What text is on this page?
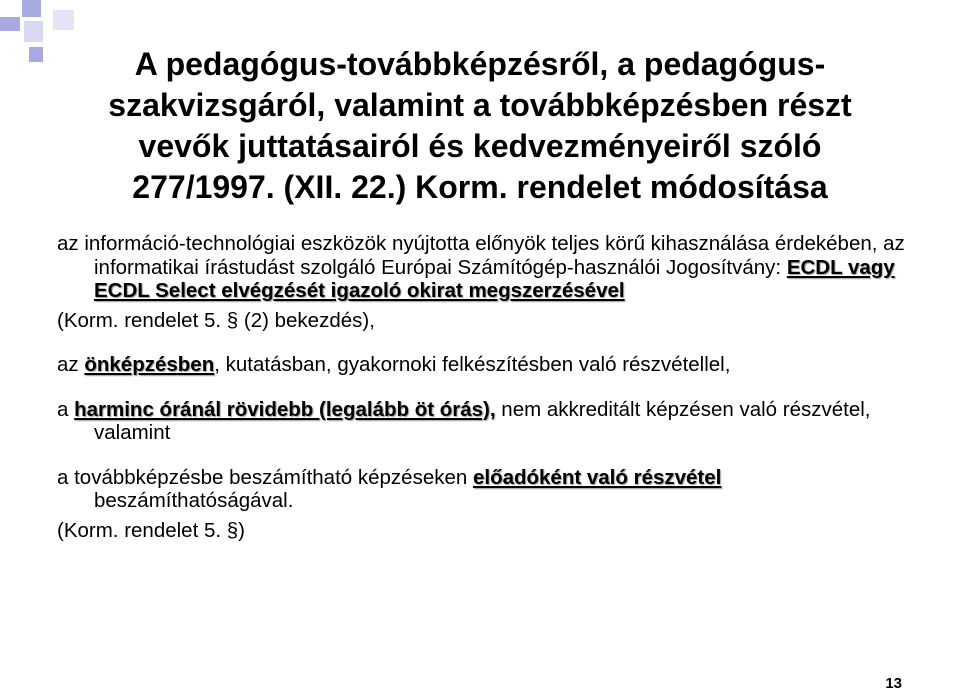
A pedagógus-továbbképzésről, a pedagógus-szakvizsgáról, valamint a továbbképzésben részt vevők juttatásairól és kedvezményeiről szóló 277/1997. (XII. 22.) Korm. rendelet módosítása

az információ-technológiai eszközök nyújtotta előnyök teljes körű kihasználása érdekében, az informatikai írástudást szolgáló Európai Számítógép-használói Jogosítvány: ECDL vagy ECDL Select elvégzését igazoló okirat megszerzésével

(Korm. rendelet 5. § (2) bekezdés),

az önképzésben, kutatásban, gyakornoki felkészítésben való részvétellel,

a harminc óránál rövidebb (legalább öt órás), nem akkreditált képzésen való részvétel, valamint

a továbbképzésbe beszámítható képzéseken előadóként való részvétel beszámíthatóságával.

(Korm. rendelet 5. §)

13
